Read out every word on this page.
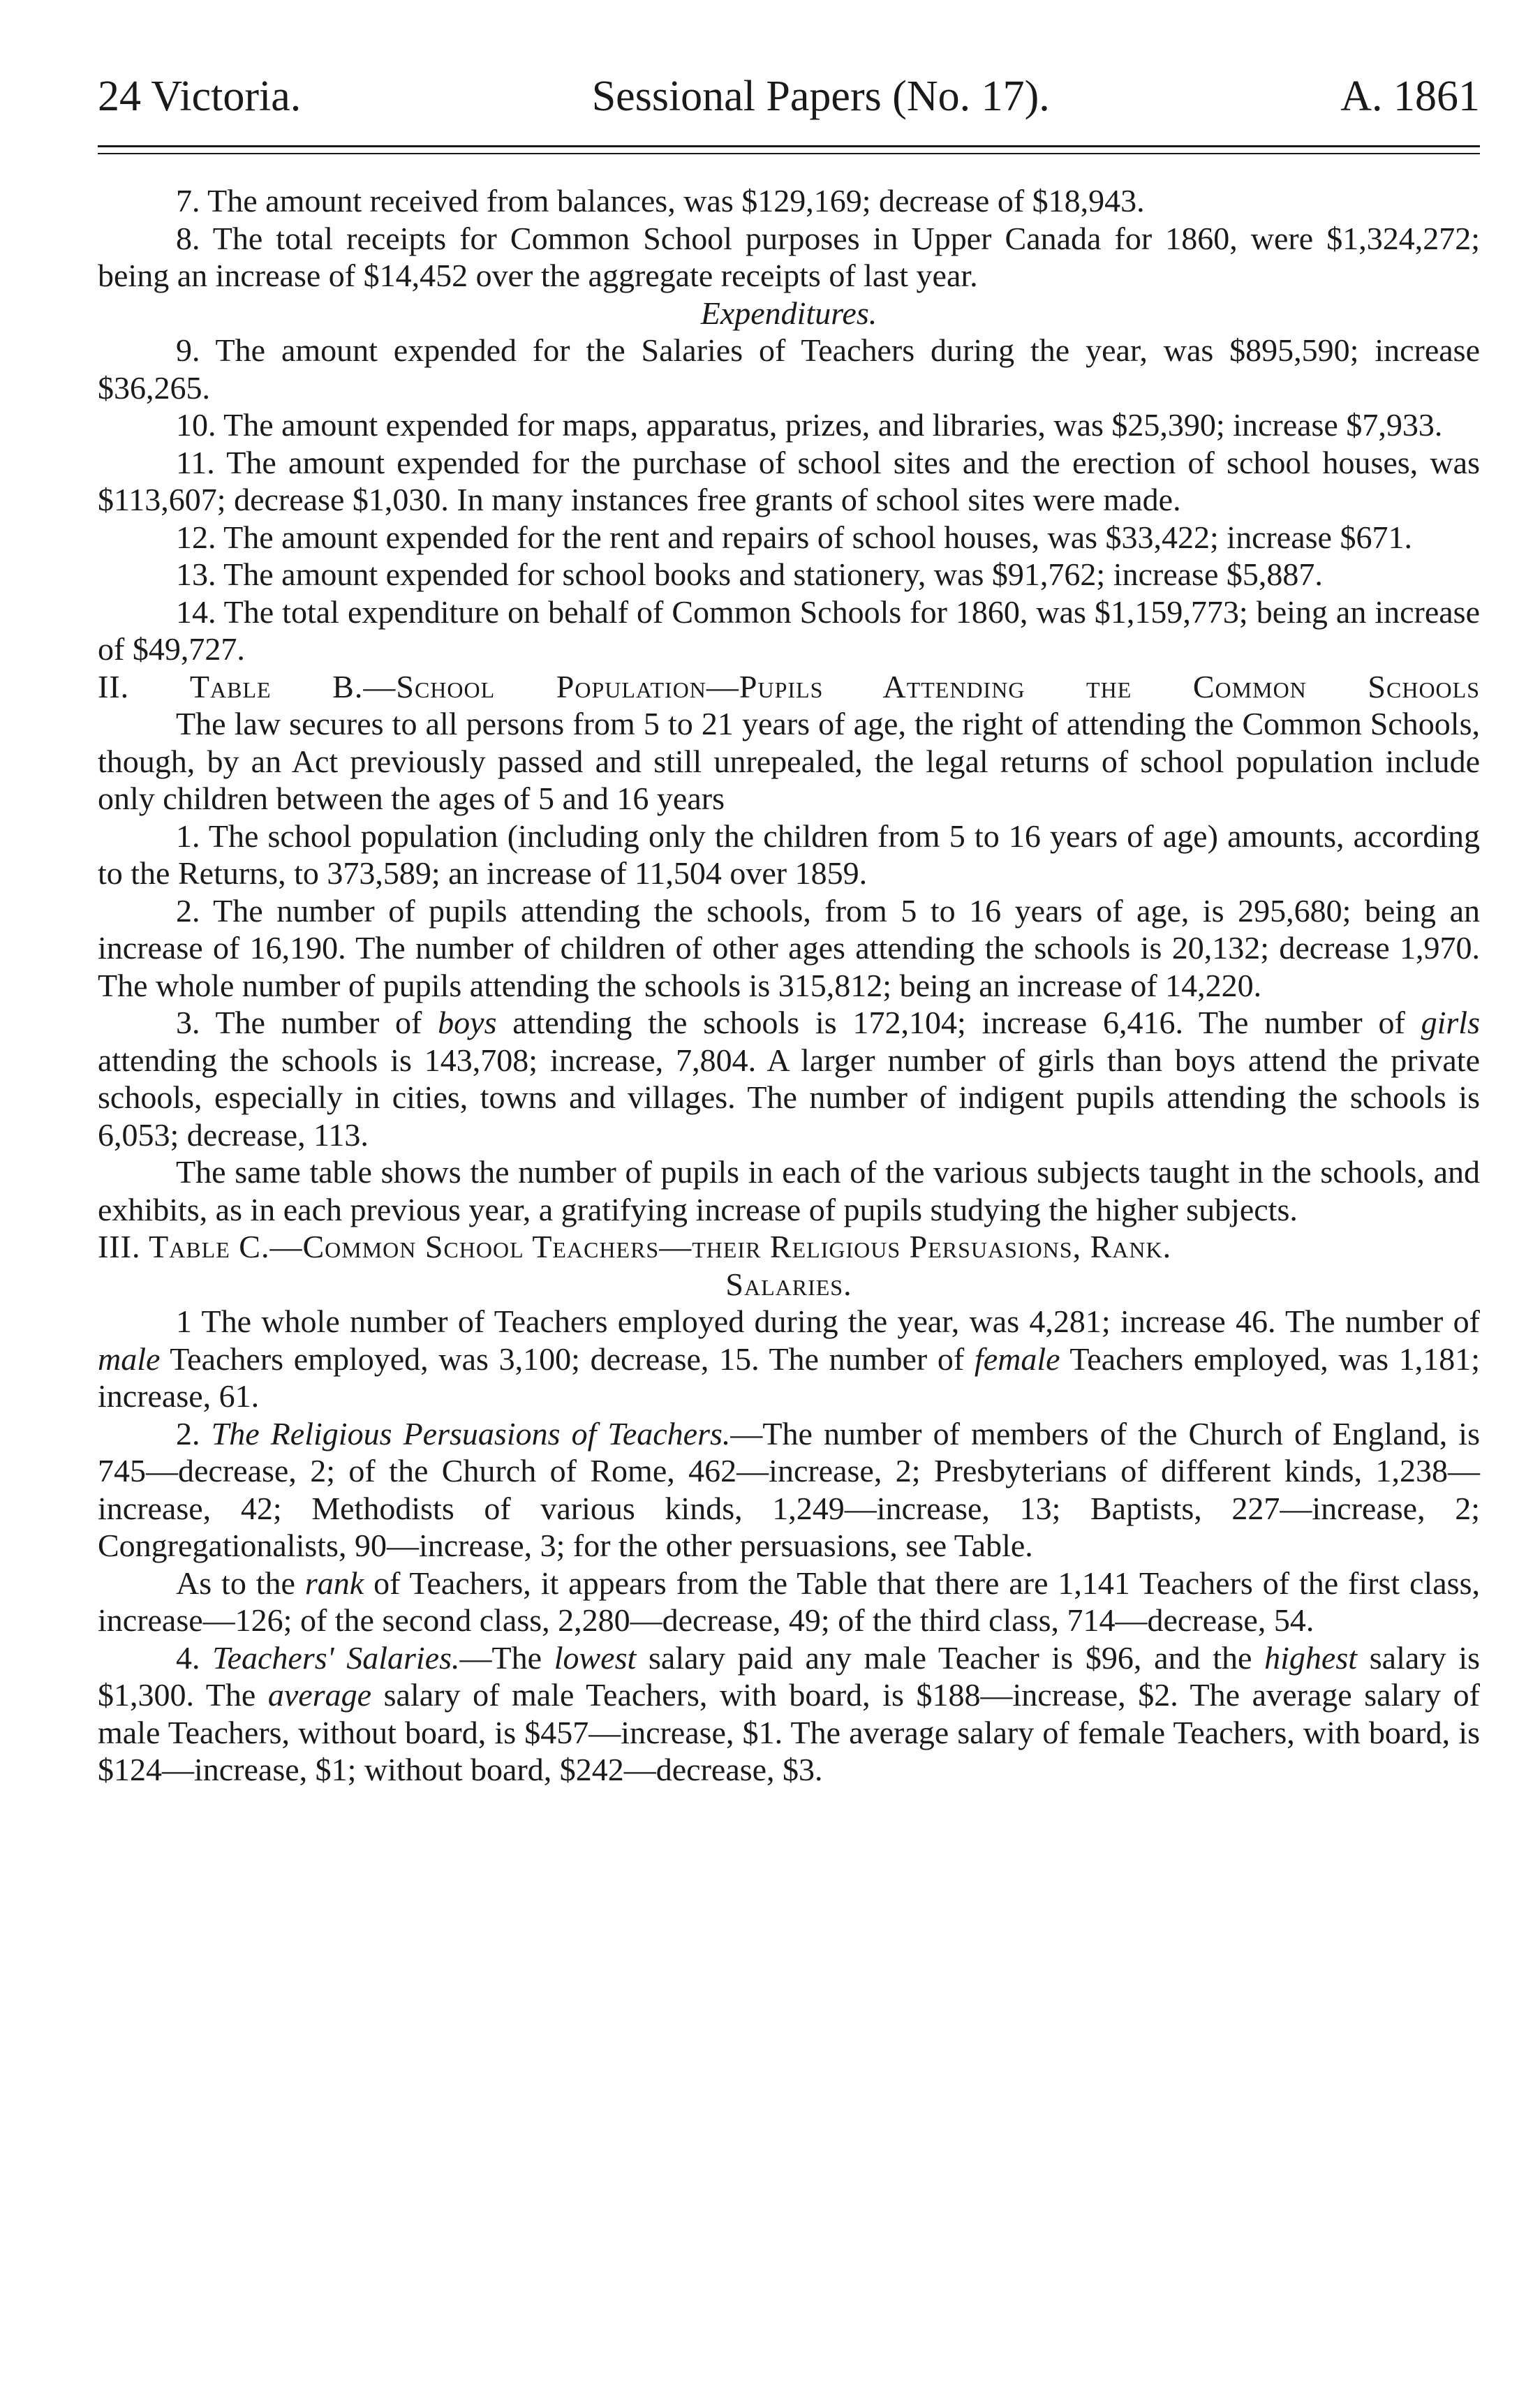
24 Victoria.	Sessional Papers (No. 17).	A. 1861

7. The amount received from balances, was $129,169; decrease of $18,943.

8. The total receipts for Common School purposes in Upper Canada for 1860, were $1,324,272; being an increase of $14,452 over the aggregate receipts of last year.

Expenditures.

9. The amount expended for the Salaries of Teachers during the year, was $895,590; increase $36,265.

10. The amount expended for maps, apparatus, prizes, and libraries, was $25,390; increase $7,933.

11. The amount expended for the purchase of school sites and the erection of school houses, was $113,607; decrease $1,030. In many instances free grants of school sites were made.

12. The amount expended for the rent and repairs of school houses, was $33,422; increase $671.

13. The amount expended for school books and stationery, was $91,762; increase $5,887.

14. The total expenditure on behalf of Common Schools for 1860, was $1,159,773; being an increase of $49,727.

II. Table B.—School Population—Pupils Attending the Common Schools

The law secures to all persons from 5 to 21 years of age, the right of attending the Common Schools, though, by an Act previously passed and still unrepealed, the legal returns of school population include only children between the ages of 5 and 16 years

1. The school population (including only the children from 5 to 16 years of age) amounts, according to the Returns, to 373,589; an increase of 11,504 over 1859.

2. The number of pupils attending the schools, from 5 to 16 years of age, is 295,680; being an increase of 16,190. The number of children of other ages attending the schools is 20,132; decrease 1,970. The whole number of pupils attending the schools is 315,812; being an increase of 14,220.

3. The number of boys attending the schools is 172,104; increase 6,416. The number of girls attending the schools is 143,708; increase, 7,804. A larger number of girls than boys attend the private schools, especially in cities, towns and villages. The number of indigent pupils attending the schools is 6,053; decrease, 113.

The same table shows the number of pupils in each of the various subjects taught in the schools, and exhibits, as in each previous year, a gratifying increase of pupils studying the higher subjects.

III. Table C.—Common School Teachers—their Religious Persuasions, Rank.
Salaries.

1 The whole number of Teachers employed during the year, was 4,281; increase 46. The number of male Teachers employed, was 3,100; decrease, 15. The number of female Teachers employed, was 1,181; increase, 61.

2. The Religious Persuasions of Teachers.—The number of members of the Church of England, is 745—decrease, 2; of the Church of Rome, 462—increase, 2; Presbyterians of different kinds, 1,238—increase, 42; Methodists of various kinds, 1,249—increase, 13; Baptists, 227—increase, 2; Congregationalists, 90—increase, 3; for the other persuasions, see Table.

As to the rank of Teachers, it appears from the Table that there are 1,141 Teachers of the first class, increase—126; of the second class, 2,280—decrease, 49; of the third class, 714—decrease, 54.

4. Teachers' Salaries.—The lowest salary paid any male Teacher is $96, and the highest salary is $1,300. The average salary of male Teachers, with board, is $188—increase, $2. The average salary of male Teachers, without board, is $457—increase, $1. The average salary of female Teachers, with board, is $124—increase, $1; without board, $242—decrease, $3.
